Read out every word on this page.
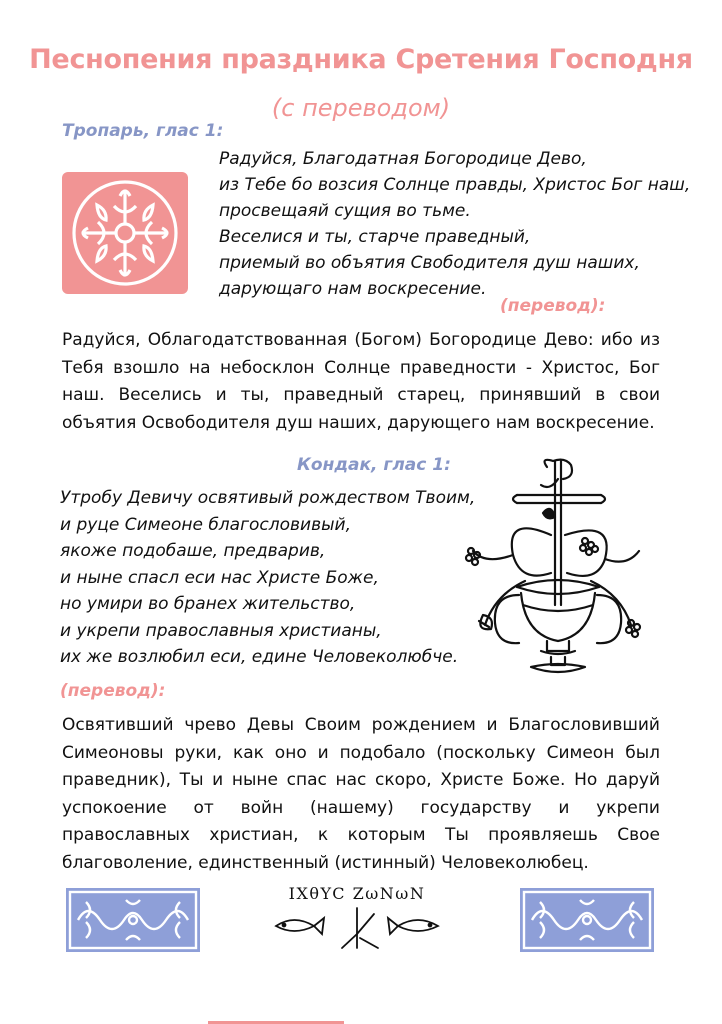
Песнопения праздника Сретения Господня
(с переводом)
Тропарь, глас 1:
Радуйся, Благодатная Богородице Дево,
из Тебе бо возсия Солнце правды, Христос Бог наш,
просвещаяй сущия во тьме.
Веселися и ты, старче праведный,
приемый во объятия Свободителя душ наших,
дарующаго нам воскресение.
(перевод):
Радуйся, Облагодатствованная (Богом) Богородице Дево: ибо из Тебя взошло на небосклон Солнце праведности - Христос, Бог наш. Веселись и ты, праведный старец, принявший в свои объятия Освободителя душ наших, дарующего нам воскресение.
Кондак, глас 1:
Утробу Девичу освятивый рождеством Твоим,
и руце Симеоне благословивый,
якоже подобаше, предварив,
и ныне спасл еси нас Христе Боже,
но умири во бранех жительство,
и укрепи православныя христианы,
их же возлюбил еси, едине Человеколюбче.
(перевод):
Освятивший чрево Девы Своим рождением и Благословивший Симеоновы руки, как оно и подобало (поскольку Симеон был праведник), Ты и ныне спас нас скоро, Христе Боже. Но даруй успокоение от войн (нашему) государству и укрепи православных христиан, к которым Ты проявляешь Свое благоволение, единственный (истинный) Человеколюбец.
IXθYC ZωNωN
